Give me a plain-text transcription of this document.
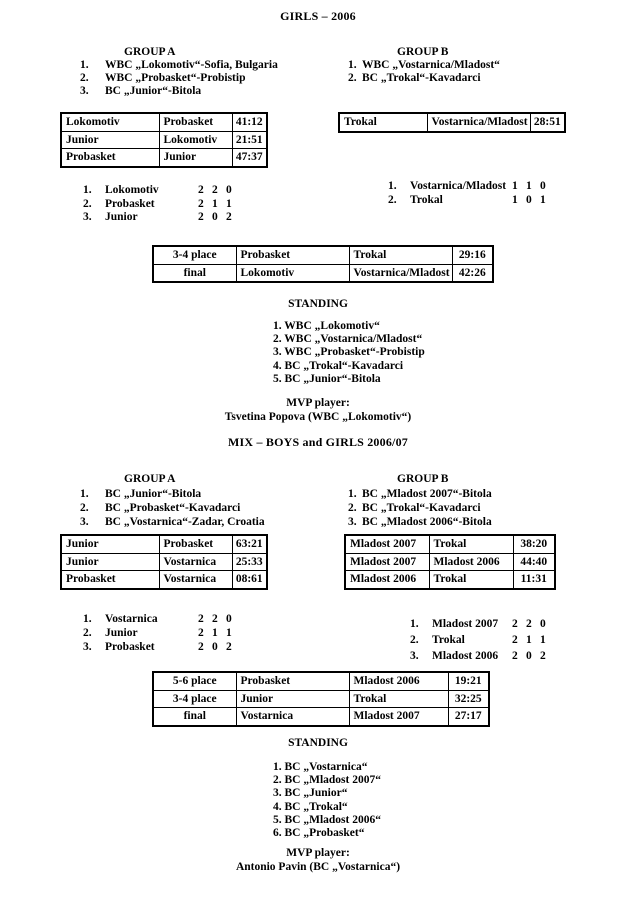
GIRLS – 2006
GROUP A
1.	WBC „Lokomotiv“-Sofia, Bulgaria
2.	WBC „Probasket“-Probistip
3.	BC „Junior“-Bitola
GROUP B
1. WBC „Vostarnica/Mladost“
2. BC „Trokal“-Kavadarci
Lokomotiv	Probasket	41:12
Junior	Lokomotiv	21:51
Probasket	Junior	47:37
Trokal	Vostarnica/Mladost	28:51
1.	Lokomotiv	2 2 0
2.	Probasket	2 1 1
3.	Junior	2 0 2
1.	Vostarnica/Mladost 1 1 0
2.	Trokal	1 0 1
3-4 place	Probasket	Trokal	29:16
final	Lokomotiv	Vostarnica/Mladost	42:26
STANDING
1. WBC „Lokomotiv“
2. WBC „Vostarnica/Mladost“
3. WBC „Probasket“-Probistip
4. BC „Trokal“-Kavadarci
5. BC „Junior“-Bitola
MVP player:
Tsvetina Popova (WBC „Lokomotiv“)
MIX – BOYS and GIRLS 2006/07
GROUP A
1.	BC „Junior“-Bitola
2.	BC „Probasket“-Kavadarci
3.	BC „Vostarnica“-Zadar, Croatia
GROUP B
1. BC „Mladost 2007“-Bitola
2. BC „Trokal“-Kavadarci
3. BC „Mladost 2006“-Bitola
Junior	Probasket	63:21
Junior	Vostarnica	25:33
Probasket	Vostarnica	08:61
Mladost 2007	Trokal	38:20
Mladost 2007	Mladost 2006	44:40
Mladost 2006	Trokal	11:31
1.	Vostarnica	2 2 0
2.	Junior	2 1 1
3.	Probasket	2 0 2
1.	Mladost 2007	2 2 0
2.	Trokal	2 1 1
3.	Mladost 2006	2 0 2
5-6 place	Probasket	Mladost 2006	19:21
3-4 place	Junior	Trokal	32:25
final	Vostarnica	Mladost 2007	27:17
STANDING
1. BC „Vostarnica“
2. BC „Mladost 2007“
3. BC „Junior“
4. BC „Trokal“
5. BC „Mladost 2006“
6. BC „Probasket“
MVP player:
Antonio Pavin (BC „Vostarnica“)
